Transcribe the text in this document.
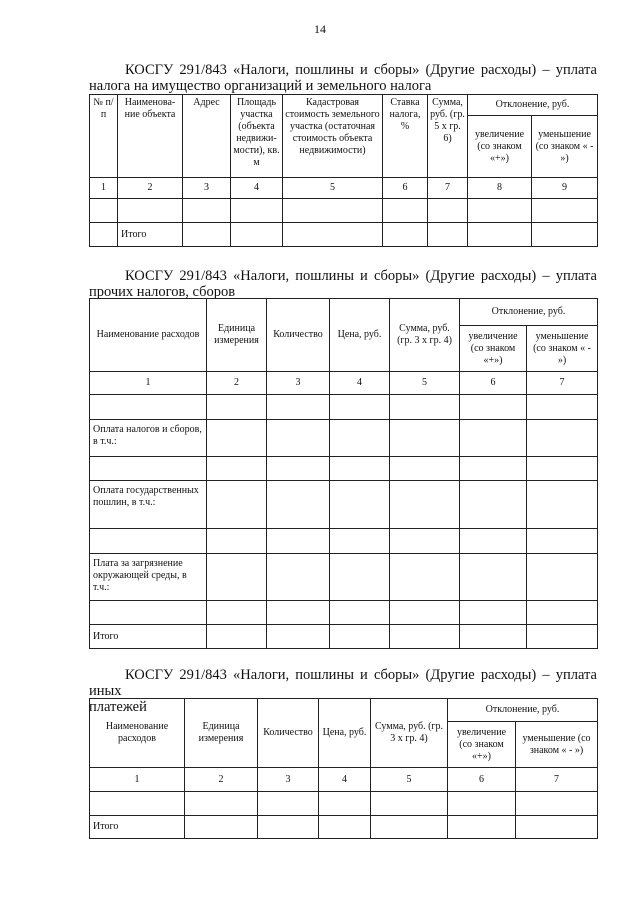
14

КОСГУ 291/843 «Налоги, пошлины и сборы» (Другие расходы) – уплата
налога на имущество организаций и земельного налога

№ п/п	Наименова-ние объекта	Адрес	Площадь участка (объекта недвижи-мости), кв. м	Кадастровая стоимость земельного участка (остаточная стоимость объекта недвижимости)	Ставка налога, %	Сумма, руб. (гр. 5 х гр. 6)	Отклонение, руб.	
							увеличение (со знаком «+»)	уменьшение (со знаком « - »)
1	2	3	4	5	6	7	8	9

	Итого							

КОСГУ 291/843 «Налоги, пошлины и сборы» (Другие расходы) – уплата
прочих налогов, сборов

Наименование расходов	Единица измерения	Количество	Цена, руб.	Сумма, руб. (гр. 3 х гр. 4)	Отклонение, руб.	
					увеличение (со знаком «+»)	уменьшение (со знаком « - »)
1	2	3	4	5	6	7

Оплата налогов и сборов, в т.ч.:						

Оплата государственных пошлин, в т.ч.:						

Плата за загрязнение окружающей среды, в т.ч.:						

Итого						

КОСГУ 291/843 «Налоги, пошлины и сборы» (Другие расходы) – уплата иных
платежей

Наименование расходов	Единица измерения	Количество	Цена, руб.	Сумма, руб. (гр. 3 х гр. 4)	Отклонение, руб.	
					увеличение (со знаком «+»)	уменьшение (со знаком « - »)
1	2	3	4	5	6	7

Итого						
